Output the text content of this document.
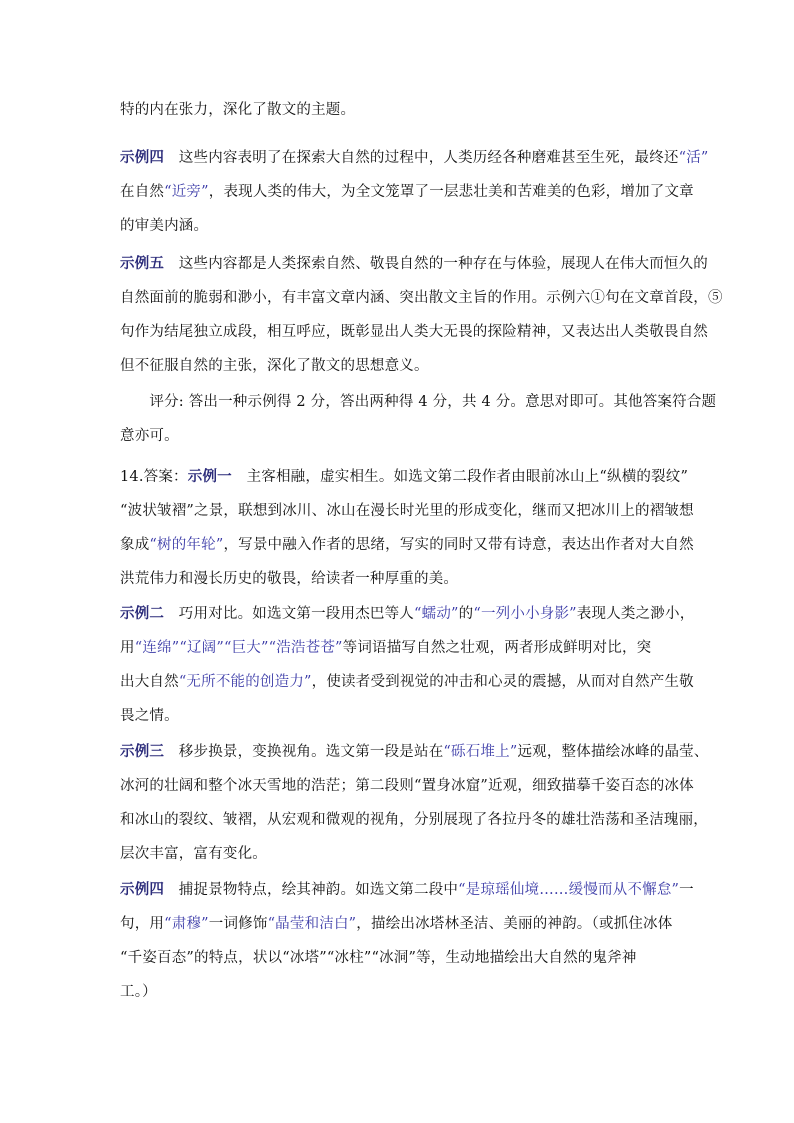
特的内在张力，深化了散文的主题。
示例四　这些内容表明了在探索大自然的过程中，人类历经各种磨难甚至生死，最终还“活”
在自然“近旁”，表现人类的伟大，为全文笼罩了一层悲壮美和苦难美的色彩，增加了文章
的审美内涵。
示例五　这些内容都是人类探索自然、敬畏自然的一种存在与体验，展现人在伟大而恒久的
自然面前的脆弱和渺小，有丰富文章内涵、突出散文主旨的作用。示例六①句在文章首段，⑤
句作为结尾独立成段，相互呼应，既彰显出人类大无畏的探险精神，又表达出人类敬畏自然
但不征服自然的主张，深化了散文的思想意义。
　　评分: 答出一种示例得 2 分，答出两种得 4 分，共 4 分。意思对即可。其他答案符合题
意亦可。
14.答案：示例一　主客相融，虚实相生。如选文第二段作者由眼前冰山上“纵横的裂纹”
“波状皱褶”之景，联想到冰川、冰山在漫长时光里的形成变化，继而又把冰川上的褶皱想
象成“树的年轮”，写景中融入作者的思绪，写实的同时又带有诗意，表达出作者对大自然
洪荒伟力和漫长历史的敬畏，给读者一种厚重的美。
示例二　巧用对比。如选文第一段用杰巴等人“蠕动”的“一列小小身影”表现人类之渺小，
用“连绵”“辽阔”“巨大”“浩浩苍苍”等词语描写自然之壮观，两者形成鲜明对比，突
出大自然“无所不能的创造力”，使读者受到视觉的冲击和心灵的震撼，从而对自然产生敬
畏之情。
示例三　移步换景，变换视角。选文第一段是站在“砾石堆上”远观，整体描绘冰峰的晶莹、
冰河的壮阔和整个冰天雪地的浩茫；第二段则“置身冰窟”近观，细致描摹千姿百态的冰体
和冰山的裂纹、皱褶，从宏观和微观的视角，分别展现了各拉丹冬的雄壮浩荡和圣洁瑰丽，
层次丰富，富有变化。
示例四　捕捉景物特点，绘其神韵。如选文第二段中“是琼瑶仙境……缓慢而从不懈怠”一
句，用“肃穆”一词修饰“晶莹和洁白”，描绘出冰塔林圣洁、美丽的神韵。（或抓住冰体
“千姿百态”的特点，状以“冰塔”“冰柱”“冰洞”等，生动地描绘出大自然的鬼斧神
工。）
